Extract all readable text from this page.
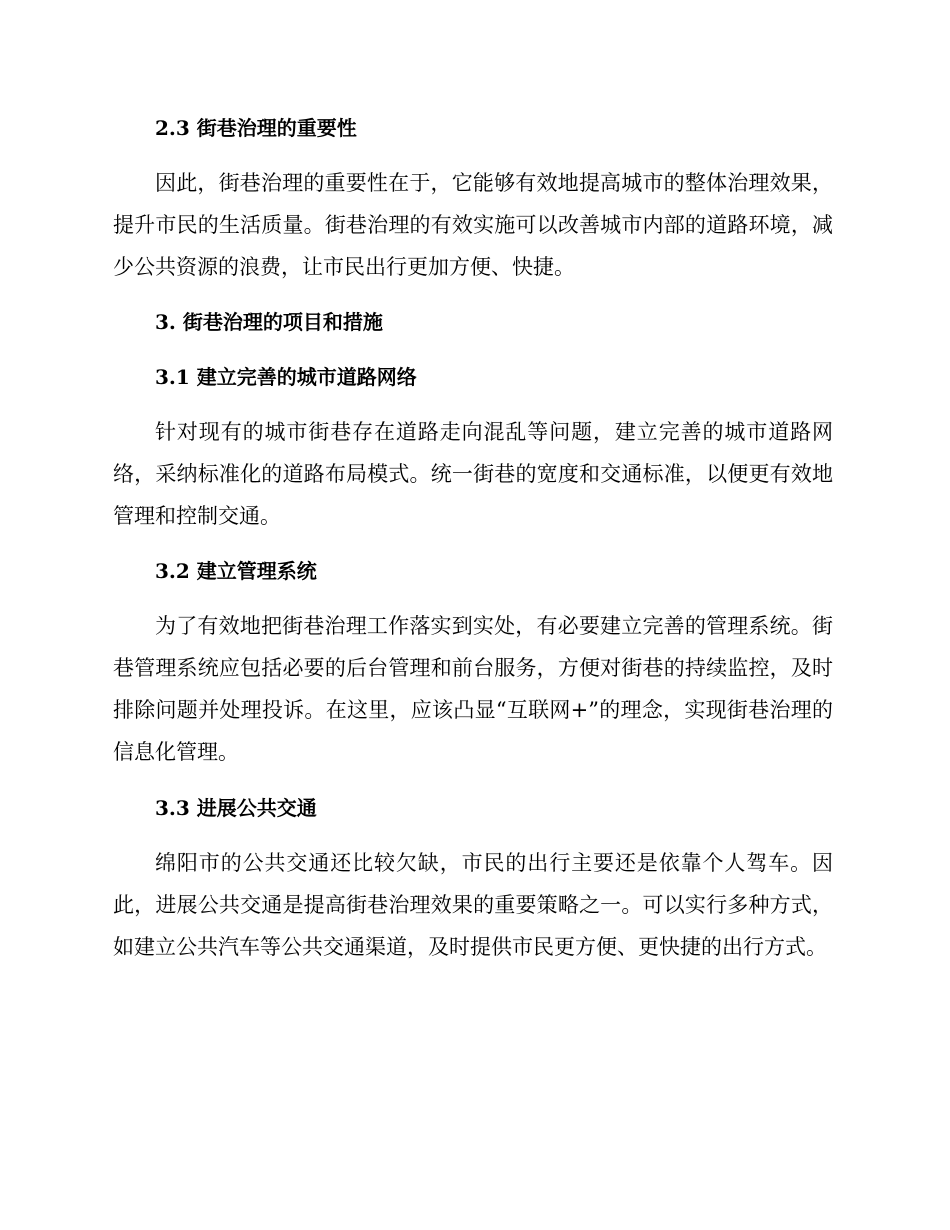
2.3 街巷治理的重要性

因此，街巷治理的重要性在于，它能够有效地提高城市的整体治理效果，提升市民的生活质量。街巷治理的有效实施可以改善城市内部的道路环境，减少公共资源的浪费，让市民出行更加方便、快捷。

3. 街巷治理的项目和措施
3.1 建立完善的城市道路网络

针对现有的城市街巷存在道路走向混乱等问题，建立完善的城市道路网络，采纳标准化的道路布局模式。统一街巷的宽度和交通标准，以便更有效地管理和控制交通。

3.2 建立管理系统

为了有效地把街巷治理工作落实到实处，有必要建立完善的管理系统。街巷管理系统应包括必要的后台管理和前台服务，方便对街巷的持续监控，及时排除问题并处理投诉。在这里，应该凸显“互联网+”的理念，实现街巷治理的信息化管理。

3.3 进展公共交通

绵阳市的公共交通还比较欠缺，市民的出行主要还是依靠个人驾车。因此，进展公共交通是提高街巷治理效果的重要策略之一。可以实行多种方式，如建立公共汽车等公共交通渠道，及时提供市民更方便、更快捷的出行方式。
